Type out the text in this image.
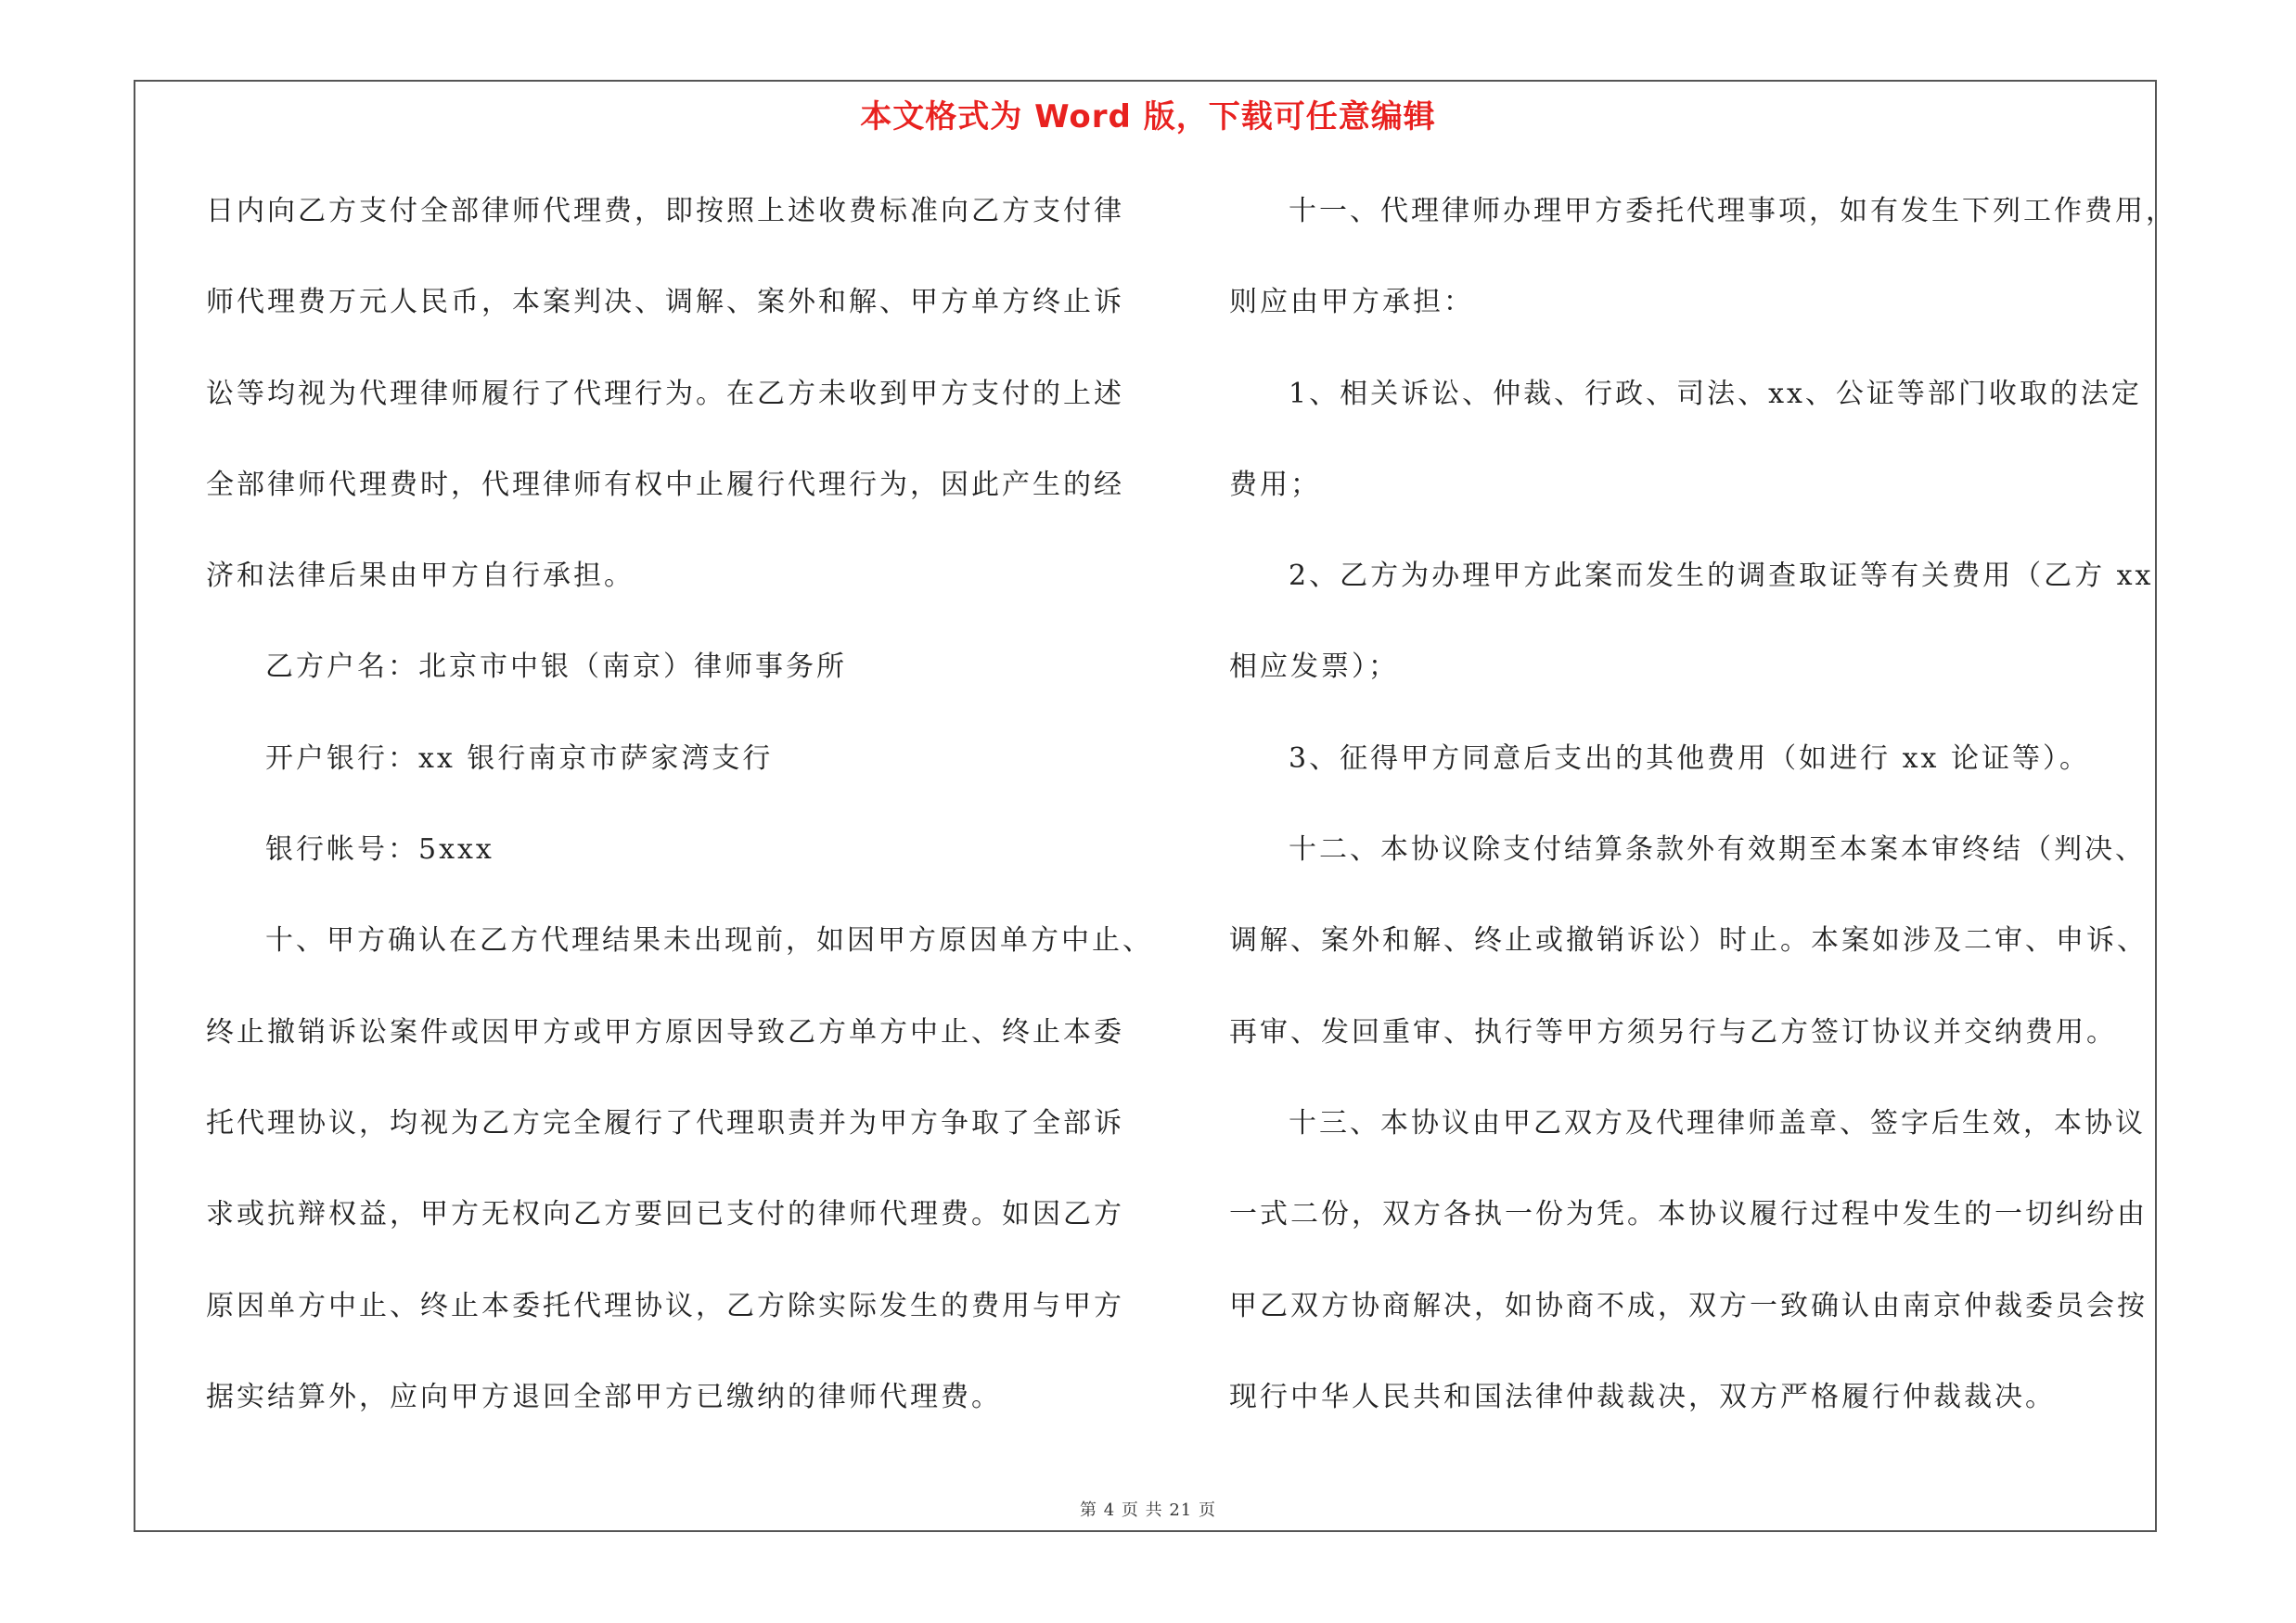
本文格式为 Word 版，下载可任意编辑
日内向乙方支付全部律师代理费，即按照上述收费标准向乙方支付律
师代理费万元人民币，本案判决、调解、案外和解、甲方单方终止诉
讼等均视为代理律师履行了代理行为。在乙方未收到甲方支付的上述
全部律师代理费时，代理律师有权中止履行代理行为，因此产生的经
济和法律后果由甲方自行承担。
乙方户名：北京市中银（南京）律师事务所
开户银行：xx 银行南京市萨家湾支行
银行帐号：5xxx
十、甲方确认在乙方代理结果未出现前，如因甲方原因单方中止、
终止撤销诉讼案件或因甲方或甲方原因导致乙方单方中止、终止本委
托代理协议，均视为乙方完全履行了代理职责并为甲方争取了全部诉
求或抗辩权益，甲方无权向乙方要回已支付的律师代理费。如因乙方
原因单方中止、终止本委托代理协议，乙方除实际发生的费用与甲方
据实结算外，应向甲方退回全部甲方已缴纳的律师代理费。
十一、代理律师办理甲方委托代理事项，如有发生下列工作费用，
则应由甲方承担：
1、相关诉讼、仲裁、行政、司法、xx、公证等部门收取的法定
费用；
2、乙方为办理甲方此案而发生的调查取证等有关费用（乙方 xx
相应发票）；
3、征得甲方同意后支出的其他费用（如进行 xx 论证等）。
十二、本协议除支付结算条款外有效期至本案本审终结（判决、
调解、案外和解、终止或撤销诉讼）时止。本案如涉及二审、申诉、
再审、发回重审、执行等甲方须另行与乙方签订协议并交纳费用。
十三、本协议由甲乙双方及代理律师盖章、签字后生效，本协议
一式二份，双方各执一份为凭。本协议履行过程中发生的一切纠纷由
甲乙双方协商解决，如协商不成，双方一致确认由南京仲裁委员会按
现行中华人民共和国法律仲裁裁决，双方严格履行仲裁裁决。
第 4 页 共 21 页
